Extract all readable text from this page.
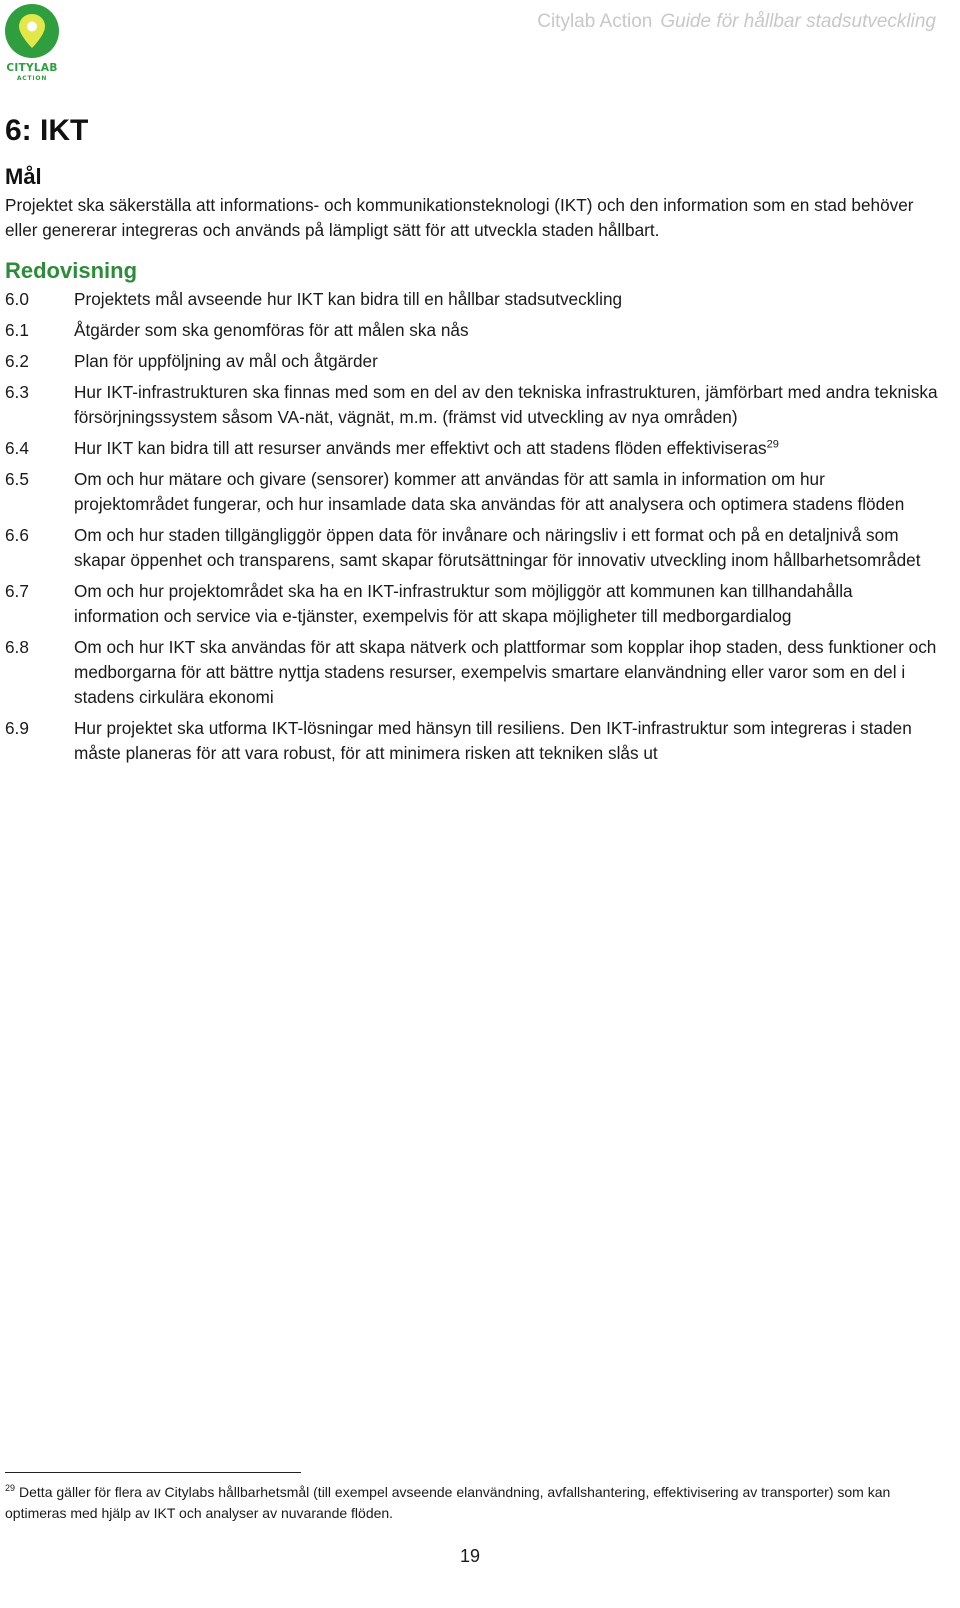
CITYLAB
ACTION
Citylab Action Guide för hållbar stadsutveckling
6: IKT
Mål

Projektet ska säkerställa att informations- och kommunikationsteknologi (IKT) och den information som en stad behöver eller genererar integreras och används på lämpligt sätt för att utveckla staden hållbart.

Redovisning
6.0	Projektets mål avseende hur IKT kan bidra till en hållbar stadsutveckling
6.1	Åtgärder som ska genomföras för att målen ska nås
6.2	Plan för uppföljning av mål och åtgärder
6.3	Hur IKT-infrastrukturen ska finnas med som en del av den tekniska infrastrukturen, jämförbart med andra tekniska försörjningssystem såsom VA-nät, vägnät, m.m. (främst vid utveckling av nya områden)
6.4	Hur IKT kan bidra till att resurser används mer effektivt och att stadens flöden effektiviseras$^{29}$
6.5	Om och hur mätare och givare (sensorer) kommer att användas för att samla in information om hur projektområdet fungerar, och hur insamlade data ska användas för att analysera och optimera stadens flöden
6.6	Om och hur staden tillgängliggör öppen data för invånare och näringsliv i ett format och på en detaljnivå som skapar öppenhet och transparens, samt skapar förutsättningar för innovativ utveckling inom hållbarhetsområdet
6.7	Om och hur projektområdet ska ha en IKT-infrastruktur som möjliggör att kommunen kan tillhandahålla information och service via e-tjänster, exempelvis för att skapa möjligheter till medborgardialog
6.8	Om och hur IKT ska användas för att skapa nätverk och plattformar som kopplar ihop staden, dess funktioner och medborgarna för att bättre nyttja stadens resurser, exempelvis smartare elanvändning eller varor som en del i stadens cirkulära ekonomi
6.9	Hur projektet ska utforma IKT-lösningar med hänsyn till resiliens. Den IKT-infrastruktur som integreras i staden måste planeras för att vara robust, för att minimera risken att tekniken slås ut

$^{29}$ Detta gäller för flera av Citylabs hållbarhetsmål (till exempel avseende elanvändning, avfallshantering, effektivisering av transporter) som kan optimeras med hjälp av IKT och analyser av nuvarande flöden.

19
